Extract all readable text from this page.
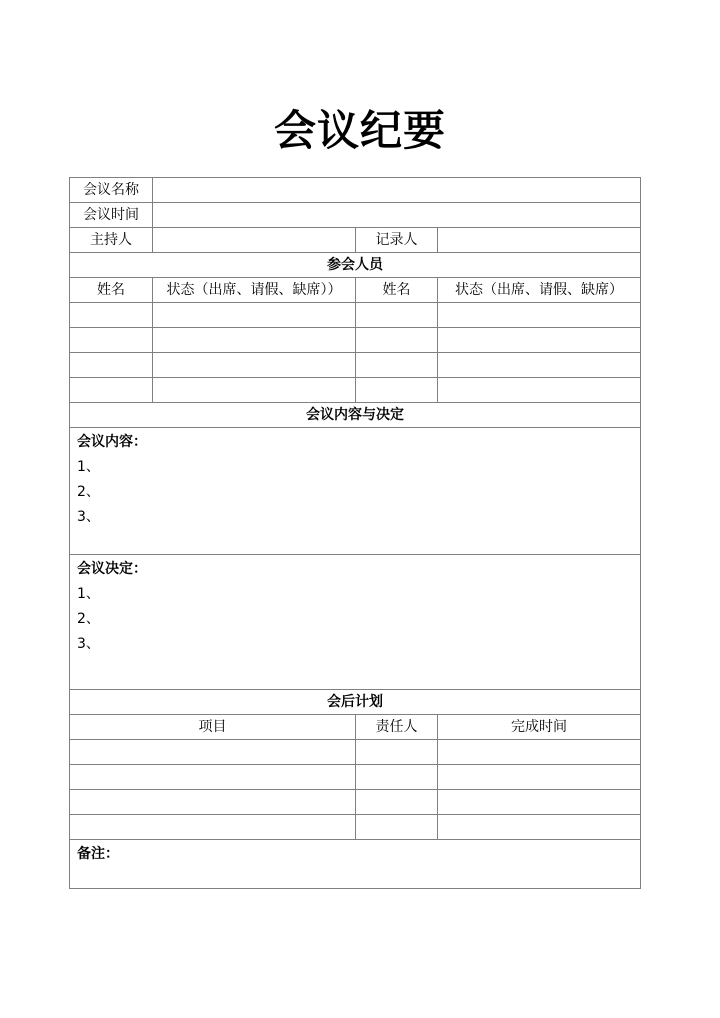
会议纪要
会议名称			
会议时间			
主持人		记录人	
参会人员			
姓名	状态（出席、请假、缺席））	姓名	状态（出席、请假、缺席）

会议内容与决定			

会议内容：
1、
2、
3、			

会议决定：
1、
2、
3、			

会后计划			
项目		责任人	完成时间

备注：			
